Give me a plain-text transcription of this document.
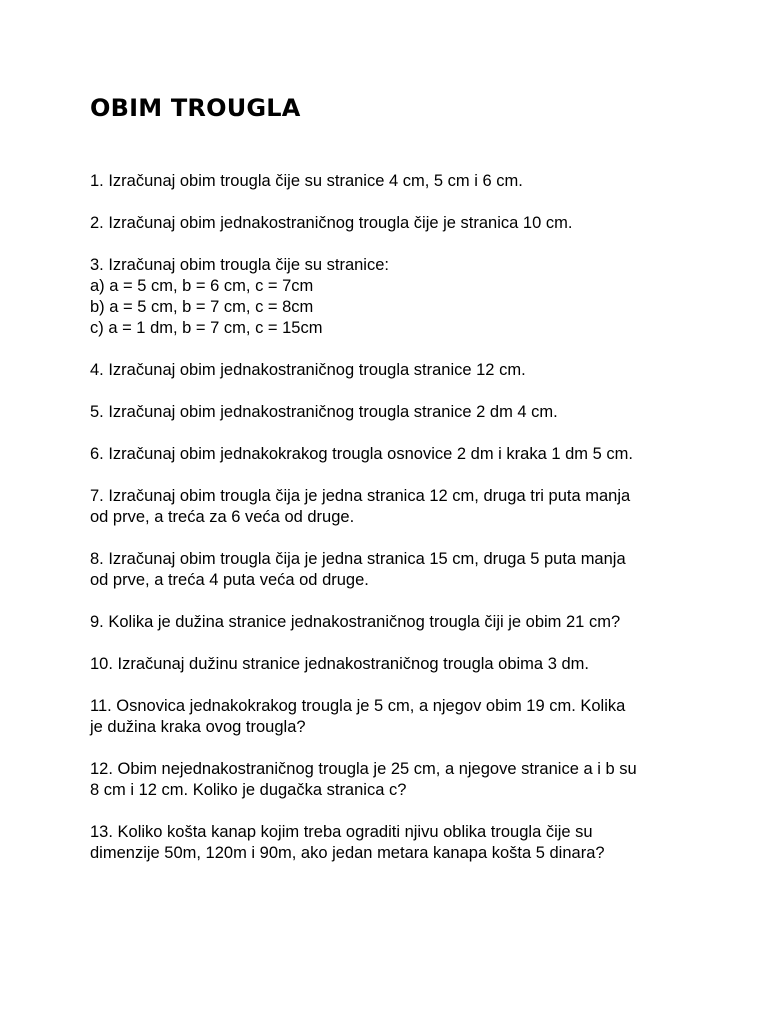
OBIM TROUGLA
1. Izračunaj obim trougla čije su stranice 4 cm, 5 cm i 6 cm.
2. Izračunaj obim jednakostraničnog trougla čije je stranica 10 cm.
3. Izračunaj obim trougla čije su stranice:
a) a = 5 cm, b = 6 cm, c = 7cm
b) a = 5 cm, b = 7 cm, c = 8cm
c) a = 1 dm, b = 7 cm, c = 15cm
4. Izračunaj obim jednakostraničnog trougla stranice 12 cm.
5. Izračunaj obim jednakostraničnog trougla stranice 2 dm 4 cm.
6. Izračunaj obim jednakokrakog trougla osnovice 2 dm i kraka 1 dm 5 cm.
7. Izračunaj obim trougla čija je jedna stranica 12 cm, druga tri puta manja
od prve, a treća za 6 veća od druge.
8. Izračunaj obim trougla čija je jedna stranica 15 cm, druga 5 puta manja
od prve, a treća 4 puta veća od druge.
9. Kolika je dužina stranice jednakostraničnog trougla čiji je obim 21 cm?
10. Izračunaj dužinu stranice jednakostraničnog trougla obima 3 dm.
11. Osnovica jednakokrakog trougla je 5 cm, a njegov obim 19 cm. Kolika
je dužina kraka ovog trougla?
12. Obim nejednakostraničnog trougla je 25 cm, a njegove stranice a i b su
8 cm i 12 cm. Koliko je dugačka stranica c?
13. Koliko košta kanap kojim treba ograditi njivu oblika trougla čije su
dimenzije 50m, 120m i 90m, ako jedan metara kanapa košta 5 dinara?
